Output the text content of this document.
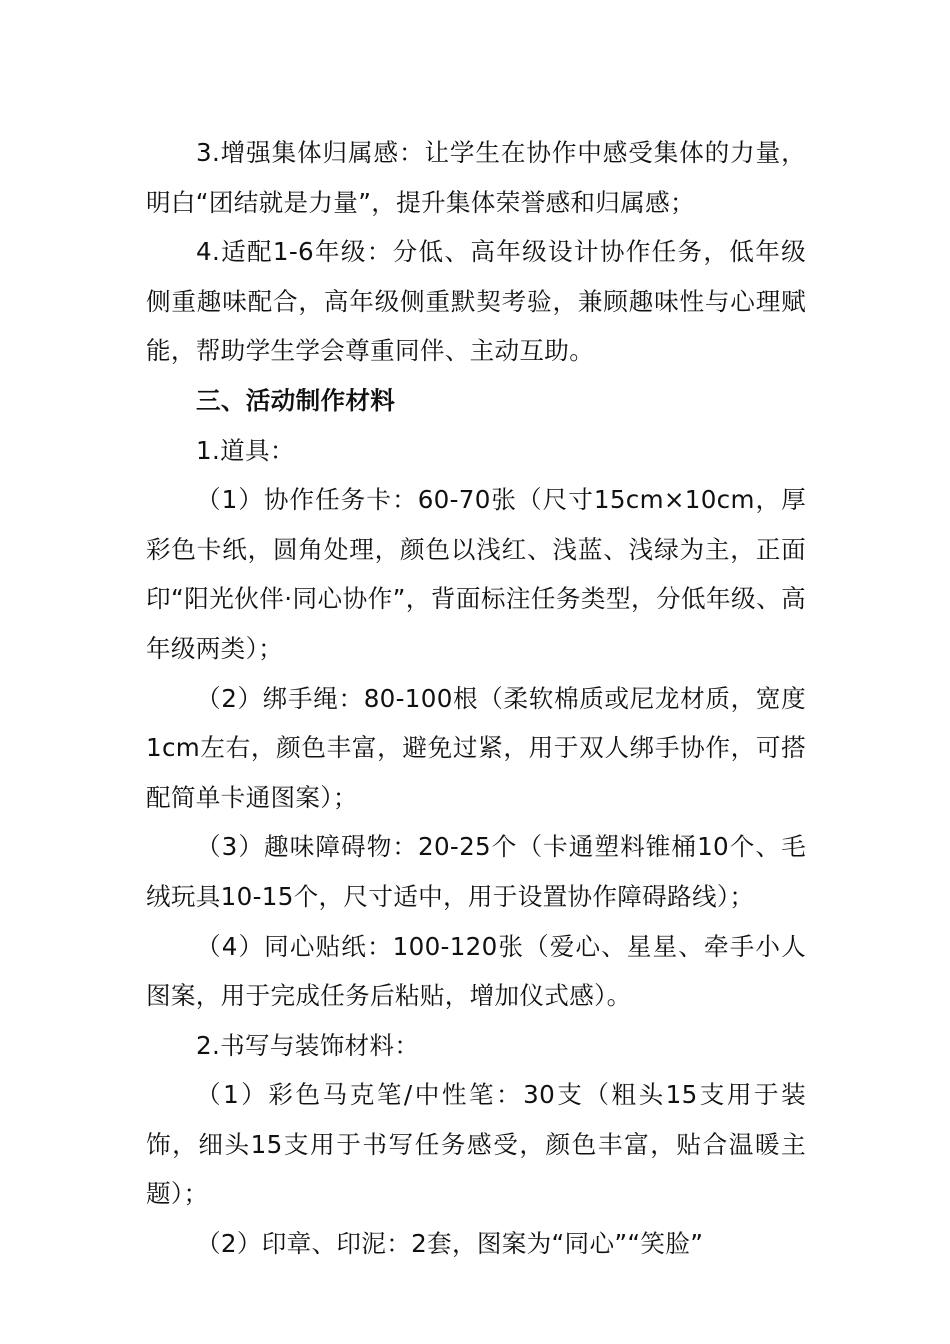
3.增强集体归属感：让学生在协作中感受集体的力量，明白“团结就是力量”，提升集体荣誉感和归属感；

4.适配1-6年级：分低、高年级设计协作任务，低年级侧重趣味配合，高年级侧重默契考验，兼顾趣味性与心理赋能，帮助学生学会尊重同伴、主动互助。

三、活动制作材料

1.道具：

（1）协作任务卡：60-70张（尺寸15cm×10cm，厚彩色卡纸，圆角处理，颜色以浅红、浅蓝、浅绿为主，正面印“阳光伙伴·同心协作”，背面标注任务类型，分低年级、高年级两类）；

（2）绑手绳：80-100根（柔软棉质或尼龙材质，宽度1cm左右，颜色丰富，避免过紧，用于双人绑手协作，可搭配简单卡通图案）；

（3）趣味障碍物：20-25个（卡通塑料锥桶10个、毛绒玩具10-15个，尺寸适中，用于设置协作障碍路线）；

（4）同心贴纸：100-120张（爱心、星星、牵手小人图案，用于完成任务后粘贴，增加仪式感）。

2.书写与装饰材料：

（1）彩色马克笔/中性笔：30支（粗头15支用于装饰，细头15支用于书写任务感受，颜色丰富，贴合温暖主题）；

（2）印章、印泥：2套，图案为“同心”“笑脸”
